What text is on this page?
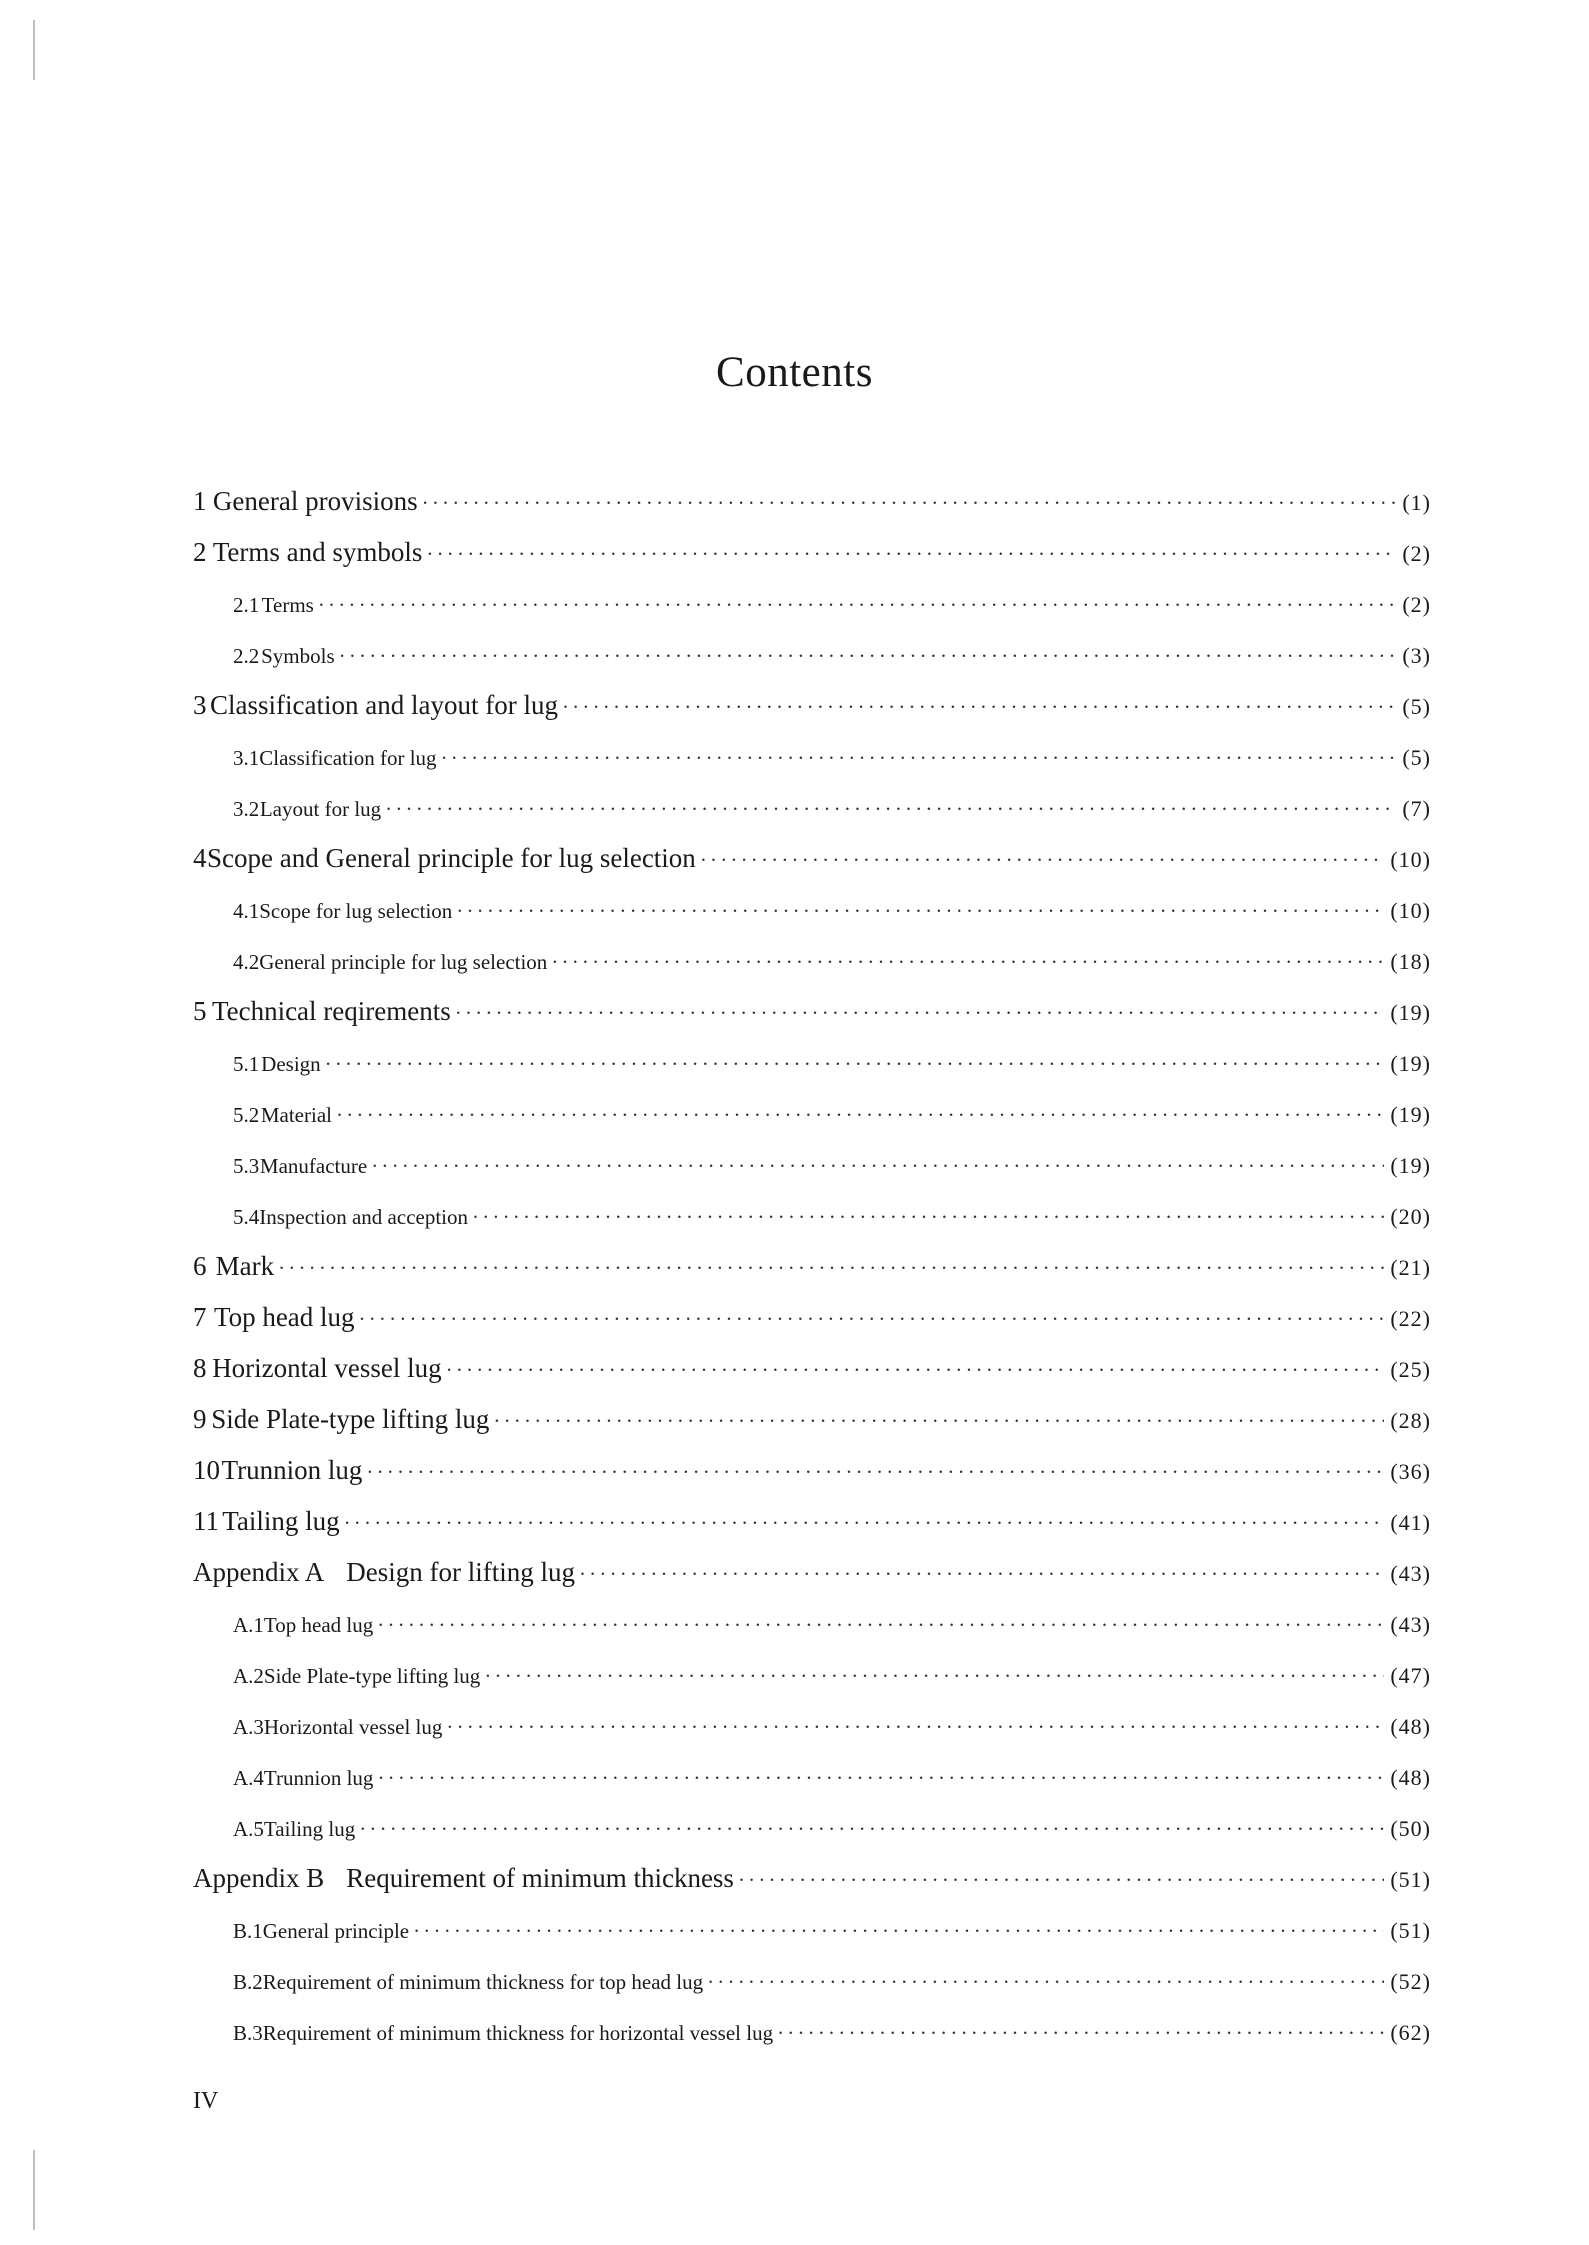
Contents
1 General provisions ·····	(1)
2 Terms and symbols ·····	(2)
2.1 Terms ·····	(2)
2.2 Symbols ·····	(3)
3 Classification and layout for lug ·····	(5)
3.1 Classification for lug ·····	(5)
3.2 Layout for lug ·····	(7)
4 Scope and General principle for lug selection ·····	(10)
4.1 Scope for lug selection ·····	(10)
4.2 General principle for lug selection ·····	(18)
5 Technical reqirements ·····	(19)
5.1 Design ·····	(19)
5.2 Material ·····	(19)
5.3 Manufacture ·····	(19)
5.4 Inspection and acception ·····	(20)
6 Mark ·····	(21)
7 Top head lug ·····	(22)
8 Horizontal vessel lug ·····	(25)
9 Side Plate-type lifting lug ·····	(28)
10 Trunnion lug ·····	(36)
11 Tailing lug ·····	(41)
Appendix A Design for lifting lug ·····	(43)
A.1 Top head lug ·····	(43)
A.2 Side Plate-type lifting lug ·····	(47)
A.3 Horizontal vessel lug ·····	(48)
A.4 Trunnion lug ·····	(48)
A.5 Tailing lug ·····	(50)
Appendix B Requirement of minimum thickness ·····	(51)
B.1 General principle ·····	(51)
B.2 Requirement of minimum thickness for top head lug ·····	(52)
B.3 Requirement of minimum thickness for horizontal vessel lug ·····	(62)
IV
